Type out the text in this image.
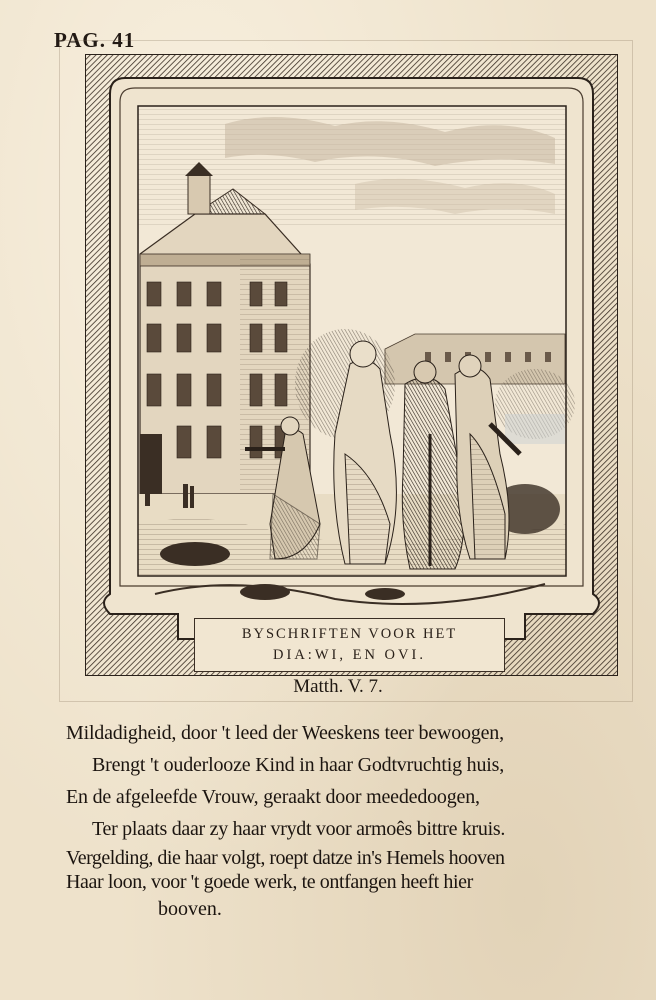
PAG. 41
BYSCHRIFTEN VOOR HET
DIA:WI, EN OVI.
Matth. V. 7.
Mildadigheid, door 't leed der Weeskens teer bewoogen,
Brengt 't ouderlooze Kind in haar Godtvruchtig huis,
En de afgeleefde Vrouw, geraakt door meededoogen,
Ter plaats daar zy haar vrydt voor armoês bittre kruis.
Vergelding, die haar volgt, roept datze in's Hemels hooven
Haar loon, voor 't goede werk, te ontfangen heeft hier
booven.
